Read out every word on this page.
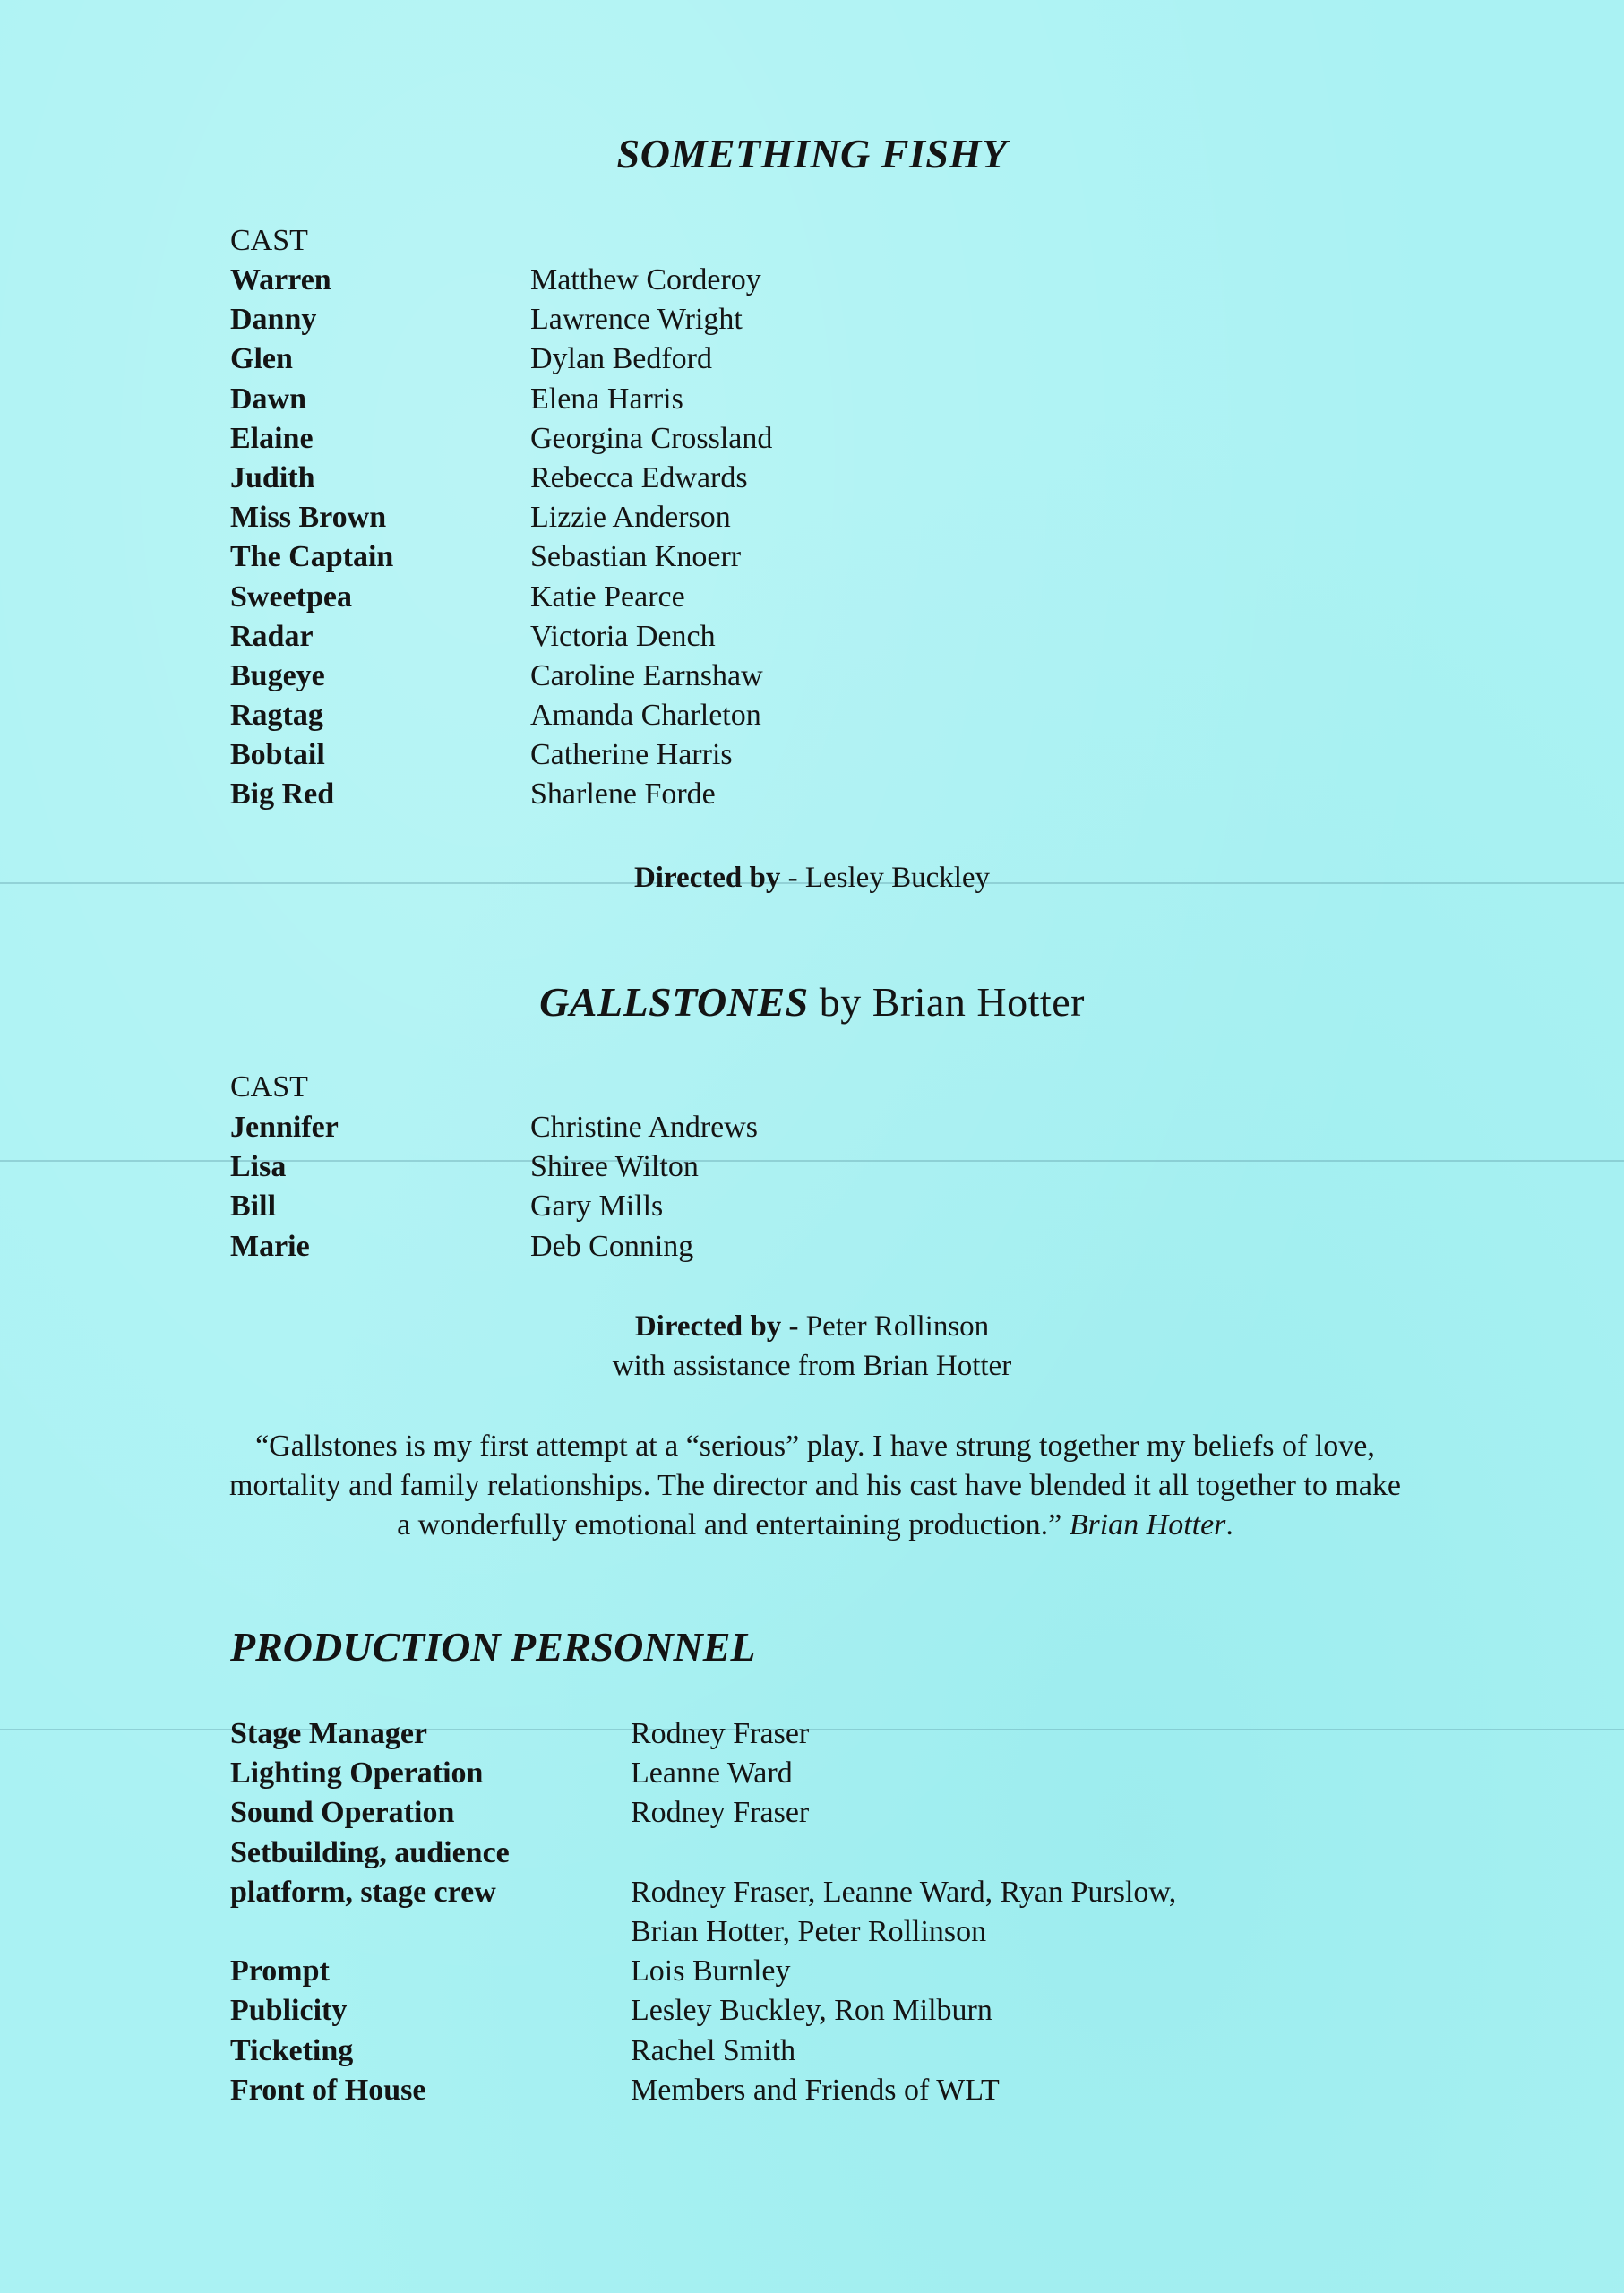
SOMETHING FISHY
CAST
Warren	Matthew Corderoy
Danny	Lawrence Wright
Glen	Dylan Bedford
Dawn	Elena Harris
Elaine	Georgina Crossland
Judith	Rebecca Edwards
Miss Brown	Lizzie Anderson
The Captain	Sebastian Knoerr
Sweetpea	Katie Pearce
Radar	Victoria Dench
Bugeye	Caroline Earnshaw
Ragtag	Amanda Charleton
Bobtail	Catherine Harris
Big Red	Sharlene Forde
Directed by - Lesley Buckley
GALLSTONES by Brian Hotter
CAST
Jennifer	Christine Andrews
Lisa	Shiree Wilton
Bill	Gary Mills
Marie	Deb Conning
Directed by - Peter Rollinson
with assistance from Brian Hotter
“Gallstones is my first attempt at a “serious” play. I have strung together my beliefs of love, mortality and family relationships. The director and his cast have blended it all together to make a wonderfully emotional and entertaining production.” Brian Hotter.
PRODUCTION PERSONNEL
Stage Manager	Rodney Fraser
Lighting Operation	Leanne Ward
Sound Operation	Rodney Fraser
Setbuilding, audience
platform, stage crew	Rodney Fraser, Leanne Ward, Ryan Purslow,
Brian Hotter, Peter Rollinson
Prompt	Lois Burnley
Publicity	Lesley Buckley, Ron Milburn
Ticketing	Rachel Smith
Front of House	Members and Friends of WLT
